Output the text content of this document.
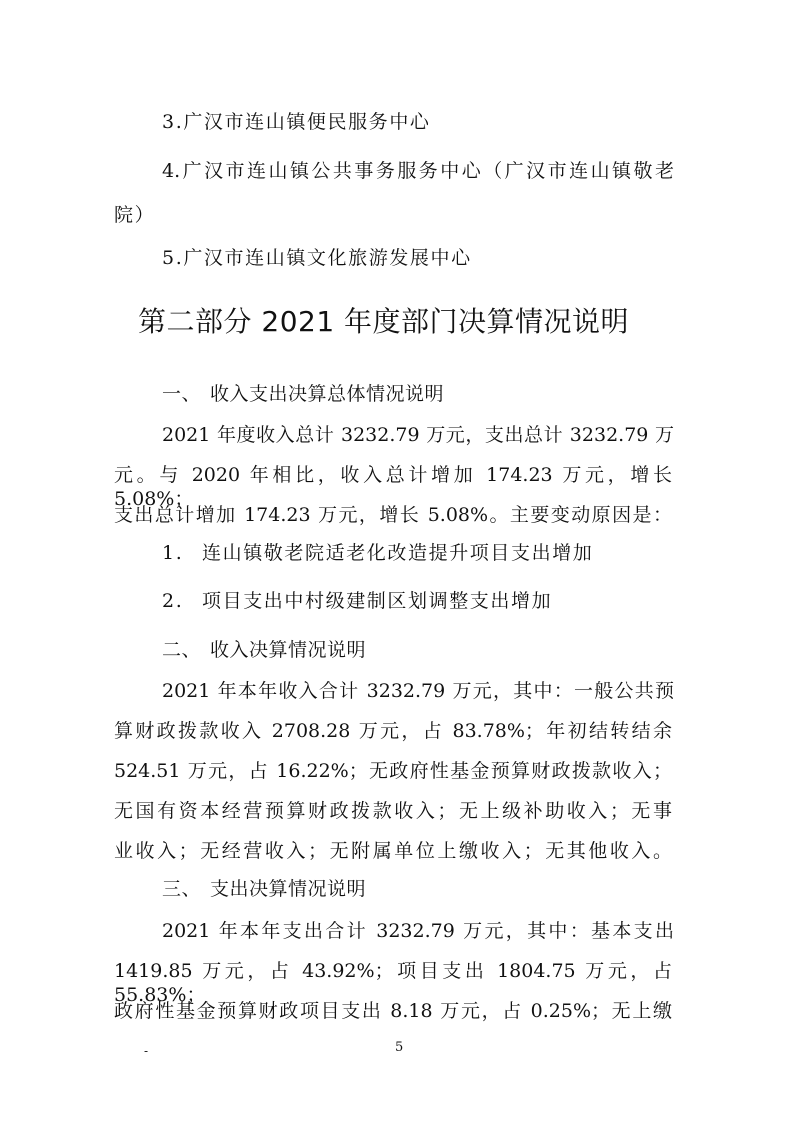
3.广汉市连山镇便民服务中心
4.广汉市连山镇公共事务服务中心（广汉市连山镇敬老
院）
5.广汉市连山镇文化旅游发展中心
第二部分 2021 年度部门决算情况说明
一、 收入支出决算总体情况说明
2021 年度收入总计 3232.79 万元，支出总计 3232.79 万
元。与 2020 年相比，收入总计增加 174.23 万元，增长 5.08%；
支出总计增加 174.23 万元，增长 5.08%。主要变动原因是：
1. 连山镇敬老院适老化改造提升项目支出增加
2. 项目支出中村级建制区划调整支出增加
二、 收入决算情况说明
2021 年本年收入合计 3232.79 万元，其中：一般公共预
算财政拨款收入 2708.28 万元，占 83.78%；年初结转结余
524.51 万元，占 16.22%；无政府性基金预算财政拨款收入；
无国有资本经营预算财政拨款收入；无上级补助收入；无事
业收入；无经营收入；无附属单位上缴收入；无其他收入。
三、 支出决算情况说明
2021 年本年支出合计 3232.79 万元，其中：基本支出
1419.85 万元，占 43.92%；项目支出 1804.75 万元，占 55.83%；
政府性基金预算财政项目支出 8.18 万元，占 0.25%；无上缴
-	5
